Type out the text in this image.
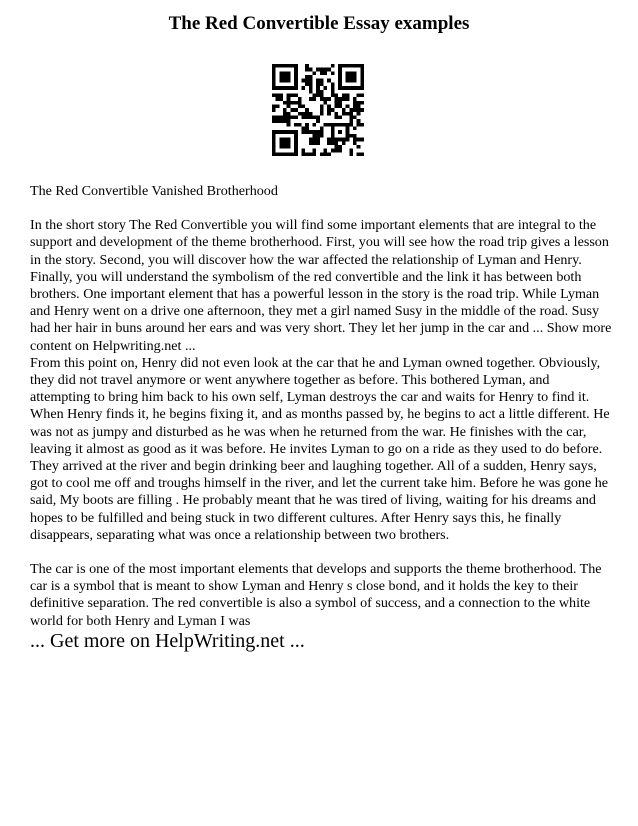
The Red Convertible Essay examples

The Red Convertible Vanished Brotherhood

In the short story The Red Convertible you will find some important elements that are integral to the support and development of the theme brotherhood. First, you will see how the road trip gives a lesson in the story. Second, you will discover how the war affected the relationship of Lyman and Henry. Finally, you will understand the symbolism of the red convertible and the link it has between both brothers. One important element that has a powerful lesson in the story is the road trip. While Lyman and Henry went on a drive one afternoon, they met a girl named Susy in the middle of the road. Susy had her hair in buns around her ears and was very short. They let her jump in the car and ... Show more content on Helpwriting.net ...

From this point on, Henry did not even look at the car that he and Lyman owned together. Obviously, they did not travel anymore or went anywhere together as before. This bothered Lyman, and attempting to bring him back to his own self, Lyman destroys the car and waits for Henry to find it. When Henry finds it, he begins fixing it, and as months passed by, he begins to act a little different. He was not as jumpy and disturbed as he was when he returned from the war. He finishes with the car, leaving it almost as good as it was before. He invites Lyman to go on a ride as they used to do before. They arrived at the river and begin drinking beer and laughing together. All of a sudden, Henry says, got to cool me off and troughs himself in the river, and let the current take him. Before he was gone he said, My boots are filling . He probably meant that he was tired of living, waiting for his dreams and hopes to be fulfilled and being stuck in two different cultures. After Henry says this, he finally disappears, separating what was once a relationship between two brothers.

The car is one of the most important elements that develops and supports the theme brotherhood. The car is a symbol that is meant to show Lyman and Henry s close bond, and it holds the key to their definitive separation. The red convertible is also a symbol of success, and a connection to the white world for both Henry and Lyman I was

... Get more on HelpWriting.net ...
